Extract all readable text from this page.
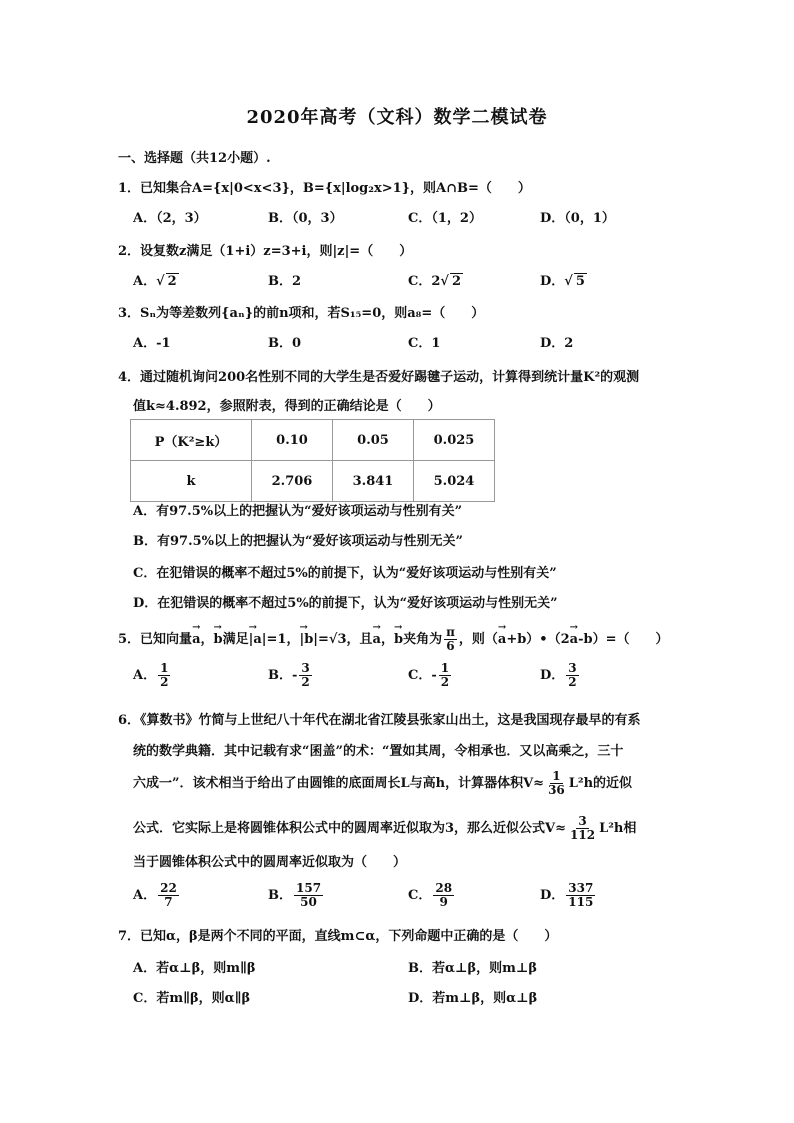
2020年高考（文科）数学二模试卷
一、选择题（共12小题）.
1．已知集合A={x|0<x<3}，B={x|log₂x>1}，则A∩B=（　　）
A．（2，3）	B．（0，3）	C．（1，2）	D．（0，1）
2．设复数z满足（1+i）z=3+i，则|z|=（　　）
A．√ 2	B．2	C．2√ 2	D．√ 5
3．Sₙ为等差数列{aₙ}的前n项和，若S₁₅=0，则a₈=（　　）
A．-1	B．0	C．1	D．2
4．通过随机询问200名性别不同的大学生是否爱好踢毽子运动，计算得到统计量K²的观测
值k≈4.892，参照附表，得到的正确结论是（　　）
P（K²≥k）	0.10	0.05	0.025
k	2.706	3.841	5.024
A．有97.5%以上的把握认为“爱好该项运动与性别有关”
B．有97.5%以上的把握认为“爱好该项运动与性别无关”
C．在犯错误的概率不超过5%的前提下，认为“爱好该项运动与性别有关”
D．在犯错误的概率不超过5%的前提下，认为“爱好该项运动与性别无关”
5．已知向量→ a，→ b满足→ |a|=1，→ |b|=√3，且→ a，→ b夹角为 $\frac{\pi}{6}$ ，则（→ a+b）•（2→ a-b）=（　　）
A． $\frac{1}{2}$	B．- $\frac{3}{2}$	C．- $\frac{1}{2}$	D． $\frac{3}{2}$
6．《算数书》竹简与上世纪八十年代在湖北省江陵县张家山出土，这是我国现存最早的有系
统的数学典籍．其中记载有求“囷盖”的术：“置如其周，令相承也．又以高乘之，三十
六成一”．该术相当于给出了由圆锥的底面周长L与高h，计算器体积$V\approx \frac{1}{36} L^2h$的近似
公式．它实际上是将圆锥体积公式中的圆周率近似取为3，那么近似公式$V\approx \frac{3}{112} L^2h$相
当于圆锥体积公式中的圆周率近似取为（　　）
A． $\frac{22}{7}$	B． $\frac{157}{50}$	C． $\frac{28}{9}$	D． $\frac{337}{115}$
7．已知α，β是两个不同的平面，直线m⊂α，下列命题中正确的是（　　）
A．若α⊥β，则m∥β	B．若α⊥β，则m⊥β
C．若m∥β，则α∥β	D．若m⊥β，则α⊥β
